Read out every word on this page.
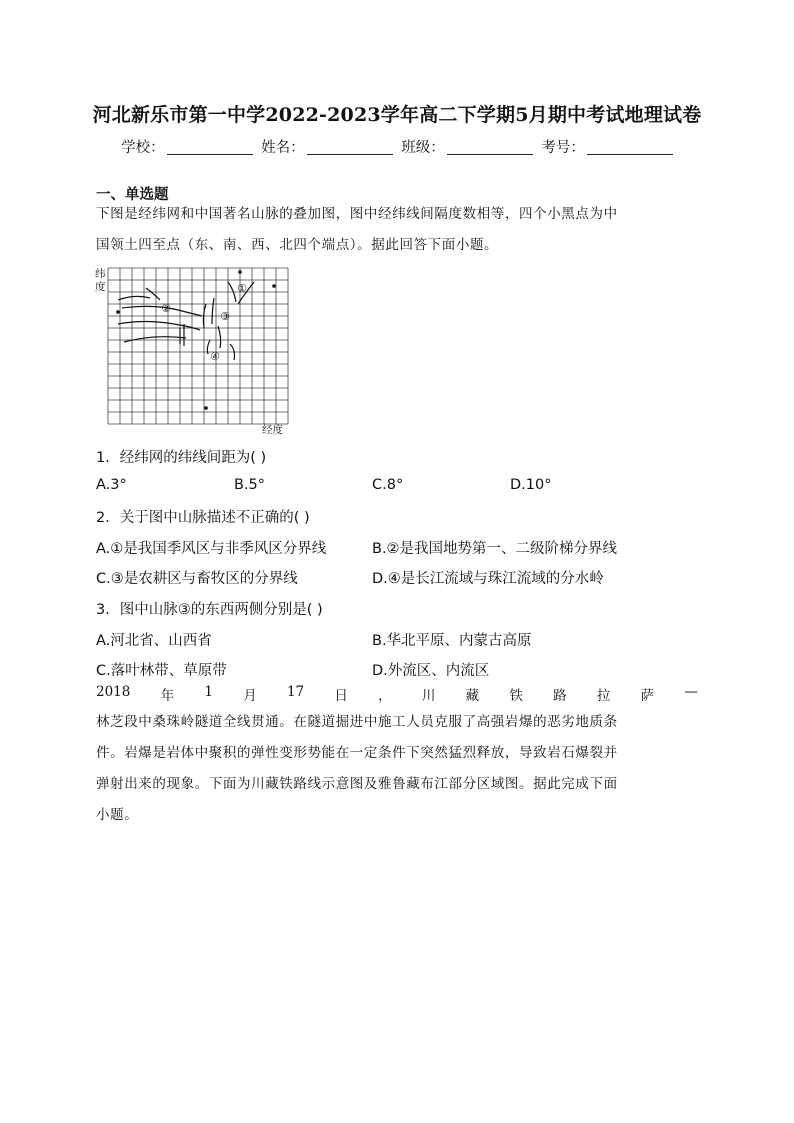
河北新乐市第一中学2022-2023学年高二下学期5月期中考试地理试卷
学校：	姓名：	班级：	考号：
一、单选题
下图是经纬网和中国著名山脉的叠加图，图中经纬线间隔度数相等，四个小黑点为中
国领土四至点（东、南、西、北四个端点）。据此回答下面小题。
①
②
③
④
纬度
经度
1．经纬网的纬线间距为( )
A.3°	B.5°	C.8°	D.10°
2．关于图中山脉描述不正确的( )
A.①是我国季风区与非季风区分界线	B.②是我国地势第一、二级阶梯分界线
C.③是农耕区与畜牧区的分界线	D.④是长江流域与珠江流域的分水岭
3．图中山脉③的东西两侧分别是( )
A.河北省、山西省	B.华北平原、内蒙古高原
C.落叶林带、草原带	D.外流区、内流区
2018 年 1 月 17 日 ， 川 藏 铁 路 拉 萨 —
林芝段中桑珠岭隧道全线贯通。在隧道掘进中施工人员克服了高强岩爆的恶劣地质条
件。岩爆是岩体中聚积的弹性变形势能在一定条件下突然猛烈释放，导致岩石爆裂并
弹射出来的现象。下面为川藏铁路线示意图及雅鲁藏布江部分区域图。据此完成下面
小题。
